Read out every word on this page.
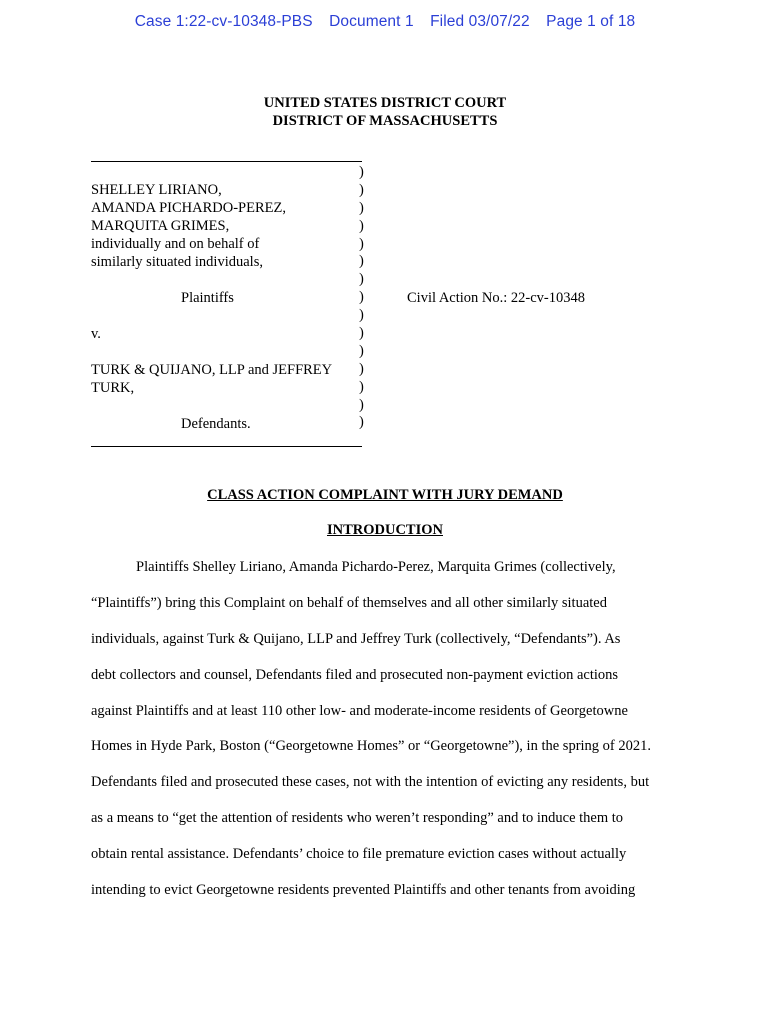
Case 1:22-cv-10348-PBS Document 1 Filed 03/07/22 Page 1 of 18
UNITED STATES DISTRICT COURT
DISTRICT OF MASSACHUSETTS
SHELLEY LIRIANO,
AMANDA PICHARDO-PEREZ,
MARQUITA GRIMES,
individually and on behalf of
similarly situated individuals,
Plaintiffs
v.
TURK & QUIJANO, LLP and JEFFREY
TURK,
Defendants.
)
)
)
)
)
)
)
)
)
)
)
)
)
)
)
Civil Action No.: 22-cv-10348
CLASS ACTION COMPLAINT WITH JURY DEMAND
INTRODUCTION
Plaintiffs Shelley Liriano, Amanda Pichardo-Perez, Marquita Grimes (collectively,
“Plaintiffs”) bring this Complaint on behalf of themselves and all other similarly situated
individuals, against Turk & Quijano, LLP and Jeffrey Turk (collectively, “Defendants”). As
debt collectors and counsel, Defendants filed and prosecuted non-payment eviction actions
against Plaintiffs and at least 110 other low- and moderate-income residents of Georgetowne
Homes in Hyde Park, Boston (“Georgetowne Homes” or “Georgetowne”), in the spring of 2021.
Defendants filed and prosecuted these cases, not with the intention of evicting any residents, but
as a means to “get the attention of residents who weren’t responding” and to induce them to
obtain rental assistance. Defendants’ choice to file premature eviction cases without actually
intending to evict Georgetowne residents prevented Plaintiffs and other tenants from avoiding
